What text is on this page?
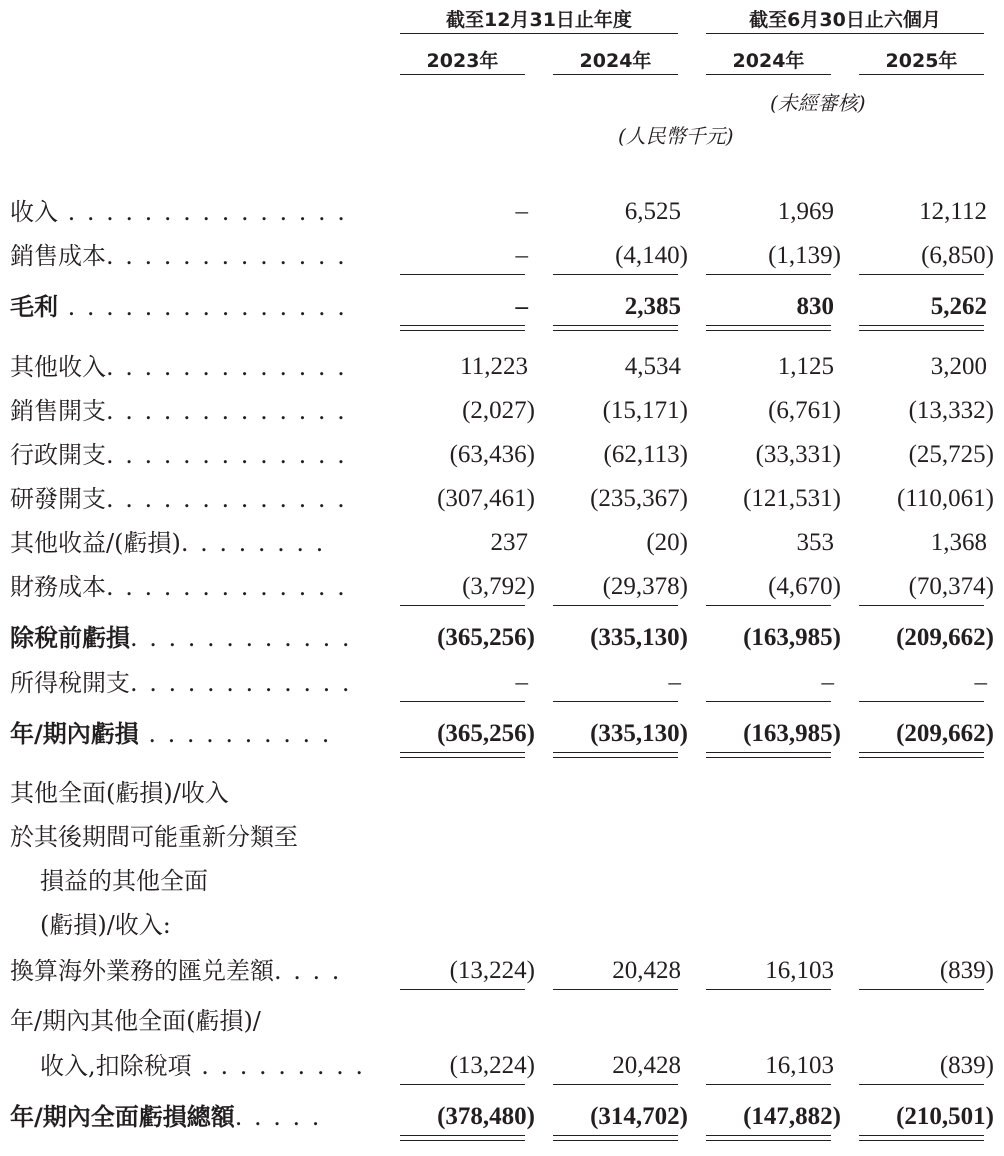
截至12月31日止年度	截至6月30日止六個月
2023年	2024年	2024年	2025年
(未經審核)
(人民幣千元)
收入 . . . . . . . . . . . . . . .	–	6,525	1,969	12,112
銷售成本. . . . . . . . . . . . .	–	(4,140)	(1,139)	(6,850)
毛利 . . . . . . . . . . . . . . .	–	2,385	830	5,262
其他收入. . . . . . . . . . . . .	11,223	4,534	1,125	3,200
銷售開支. . . . . . . . . . . . .	(2,027)	(15,171)	(6,761)	(13,332)
行政開支. . . . . . . . . . . . .	(63,436)	(62,113)	(33,331)	(25,725)
研發開支. . . . . . . . . . . . .	(307,461)	(235,367)	(121,531)	(110,061)
其他收益/(虧損). . . . . . . .	237	(20)	353	1,368
財務成本. . . . . . . . . . . . .	(3,792)	(29,378)	(4,670)	(70,374)
除稅前虧損. . . . . . . . . . . .	(365,256)	(335,130)	(163,985)	(209,662)
所得稅開支. . . . . . . . . . . .	–	–	–	–
年/期內虧損 . . . . . . . . . .	(365,256)	(335,130)	(163,985)	(209,662)
其他全面(虧損)/收入
於其後期間可能重新分類至
損益的其他全面
(虧損)/收入:
換算海外業務的匯兑差額. . . .	(13,224)	20,428	16,103	(839)
年/期內其他全面(虧損)/
收入,扣除稅項 . . . . . . . . .	(13,224)	20,428	16,103	(839)
年/期內全面虧損總額. . . . .	(378,480)	(314,702)	(147,882)	(210,501)
